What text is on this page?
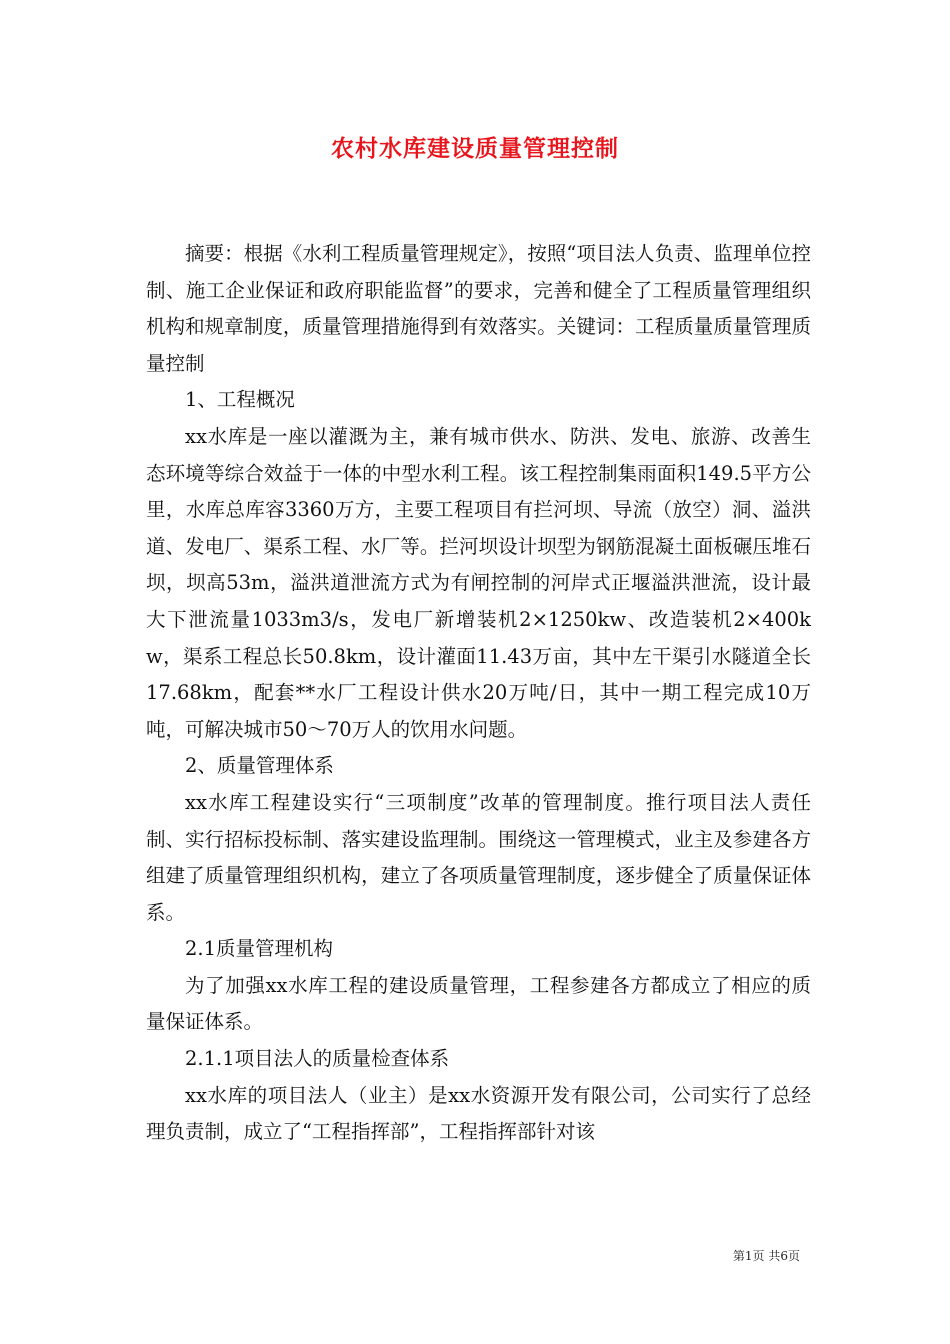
农村水库建设质量管理控制

摘要：根据《水利工程质量管理规定》，按照“项目法人负责、监理单位控制、施工企业保证和政府职能监督”的要求，完善和健全了工程质量管理组织机构和规章制度，质量管理措施得到有效落实。关键词：工程质量质量管理质量控制

1、工程概况

xx水库是一座以灌溉为主，兼有城市供水、防洪、发电、旅游、改善生态环境等综合效益于一体的中型水利工程。该工程控制集雨面积149.5平方公里，水库总库容3360万方，主要工程项目有拦河坝、导流（放空）洞、溢洪道、发电厂、渠系工程、水厂等。拦河坝设计坝型为钢筋混凝土面板碾压堆石坝，坝高53m，溢洪道泄流方式为有闸控制的河岸式正堰溢洪泄流，设计最大下泄流量1033m3/s，发电厂新增装机2×1250kw、改造装机2×400kw，渠系工程总长50.8km，设计灌面11.43万亩，其中左干渠引水隧道全长17.68km，配套**水厂工程设计供水20万吨/日，其中一期工程完成10万吨，可解决城市50～70万人的饮用水问题。

2、质量管理体系

xx水库工程建设实行“三项制度”改革的管理制度。推行项目法人责任制、实行招标投标制、落实建设监理制。围绕这一管理模式，业主及参建各方组建了质量管理组织机构，建立了各项质量管理制度，逐步健全了质量保证体系。

2.1质量管理机构

为了加强xx水库工程的建设质量管理，工程参建各方都成立了相应的质量保证体系。

2.1.1项目法人的质量检查体系

xx水库的项目法人（业主）是xx水资源开发有限公司，公司实行了总经理负责制，成立了“工程指挥部”，工程指挥部针对该

第1页 共6页
